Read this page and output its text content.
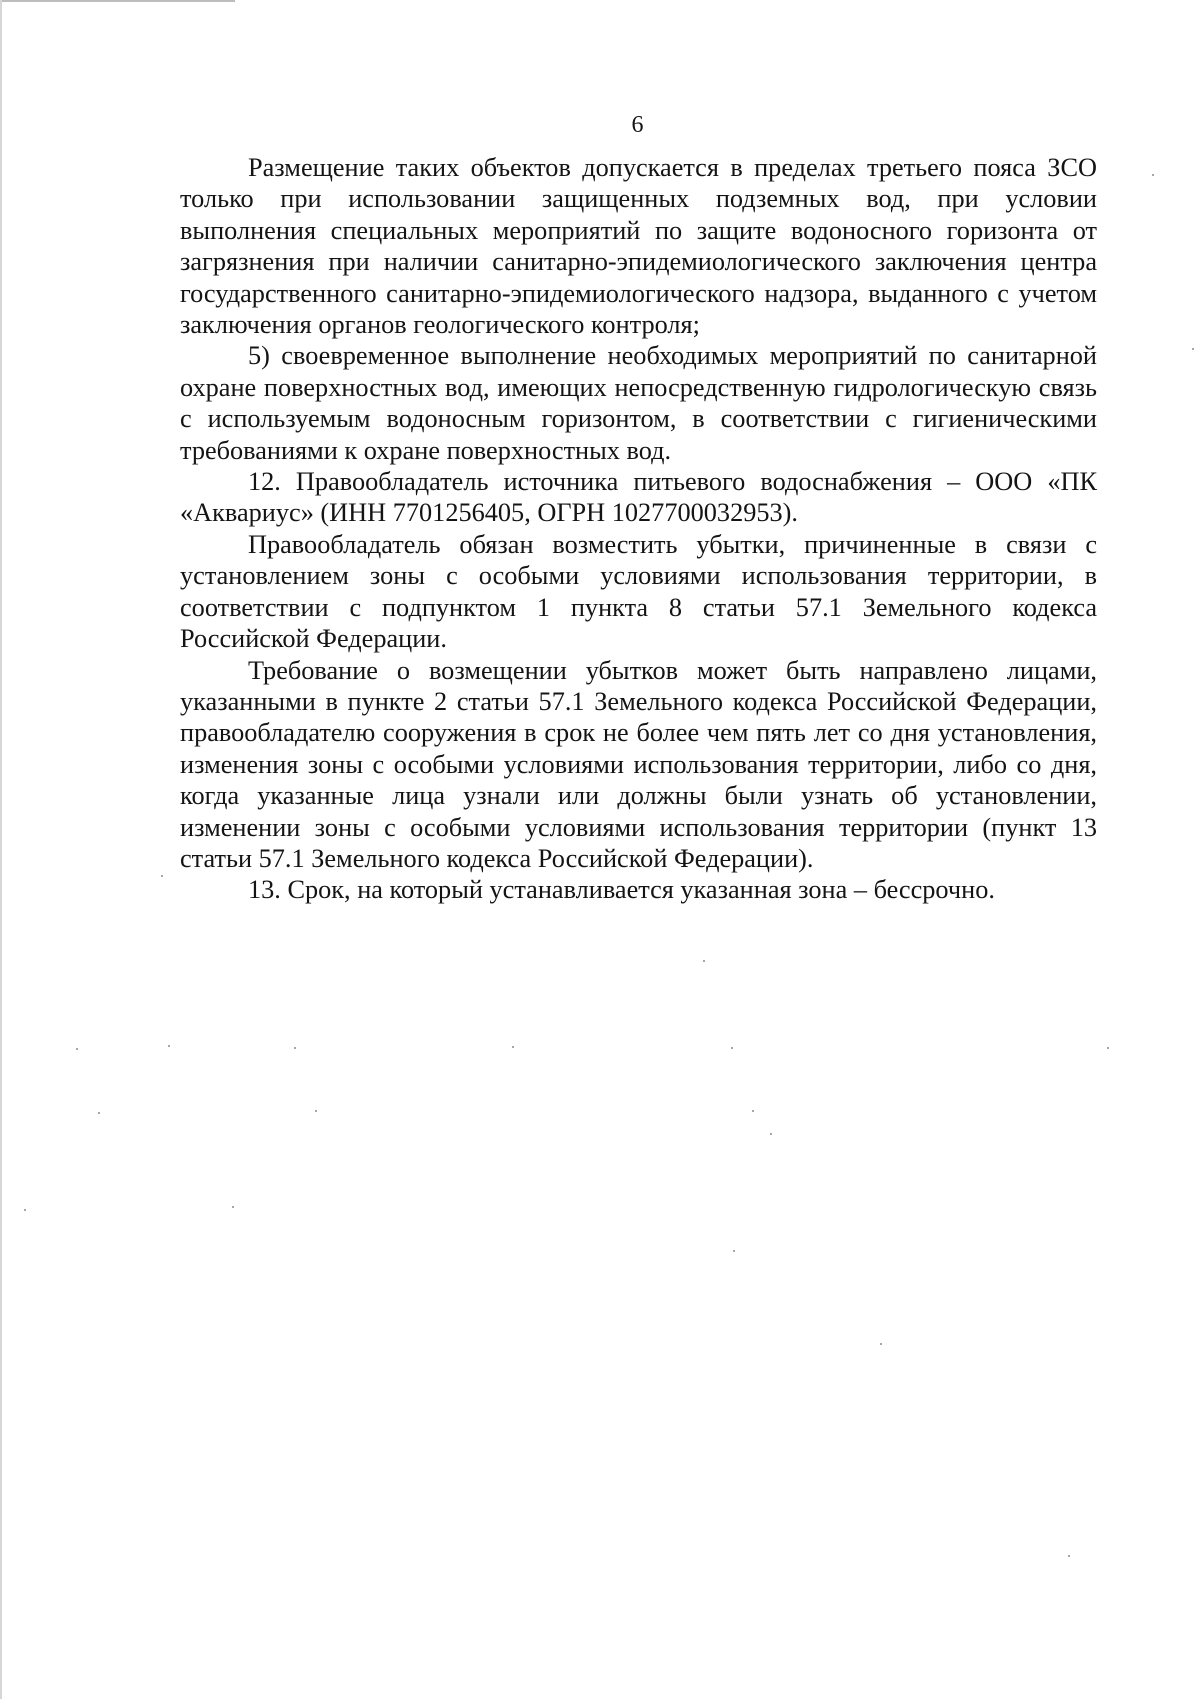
6

Размещение таких объектов допускается в пределах третьего пояса ЗСО только при использовании защищенных подземных вод, при условии выполнения специальных мероприятий по защите водоносного горизонта от загрязнения при наличии санитарно-эпидемиологического заключения центра государственного санитарно-эпидемиологического надзора, выданного с учетом заключения органов геологического контроля;

5) своевременное выполнение необходимых мероприятий по санитарной охране поверхностных вод, имеющих непосредственную гидрологическую связь с используемым водоносным горизонтом, в соответствии с гигиеническими требованиями к охране поверхностных вод.

12. Правообладатель источника питьевого водоснабжения – ООО «ПК «Аквариус» (ИНН 7701256405, ОГРН 1027700032953).

Правообладатель обязан возместить убытки, причиненные в связи с установлением зоны с особыми условиями использования территории, в соответствии с подпунктом 1 пункта 8 статьи 57.1 Земельного кодекса Российской Федерации.

Требование о возмещении убытков может быть направлено лицами, указанными в пункте 2 статьи 57.1 Земельного кодекса Российской Федерации, правообладателю сооружения в срок не более чем пять лет со дня установления, изменения зоны с особыми условиями использования территории, либо со дня, когда указанные лица узнали или должны были узнать об установлении, изменении зоны с особыми условиями использования территории (пункт 13 статьи 57.1 Земельного кодекса Российской Федерации).

13. Срок, на который устанавливается указанная зона – бессрочно.
